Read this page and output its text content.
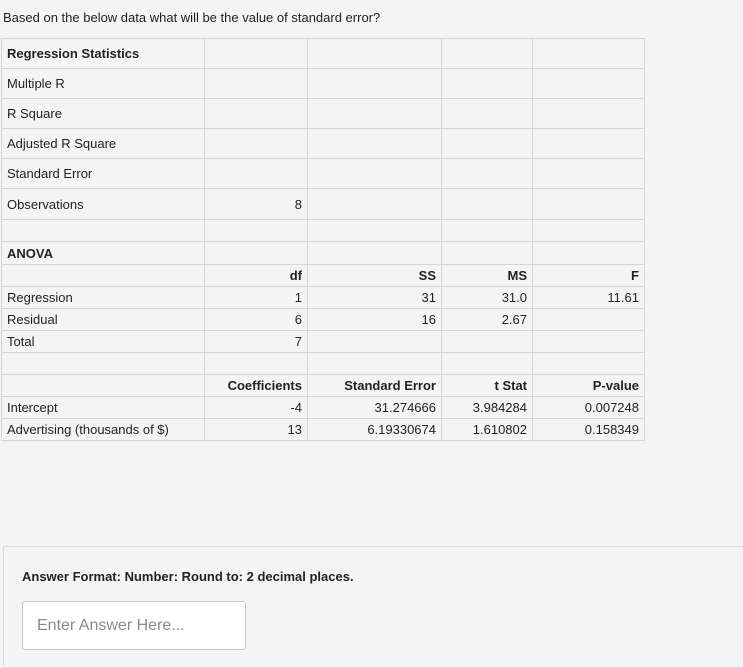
Based on the below data what will be the value of standard error?
Regression Statistics				
Multiple R				
R Square				
Adjusted R Square				
Standard Error				
Observations	8			

ANOVA				
	df	SS	MS	F
Regression	1	31	31.0	11.61
Residual	6	16	2.67	
Total	7			

	Coefficients	Standard Error	t Stat	P-value
Intercept	-4	31.274666	3.984284	0.007248
Advertising (thousands of $)	13	6.19330674	1.610802	0.158349
Answer Format: Number: Round to: 2 decimal places.
Enter Answer Here...
